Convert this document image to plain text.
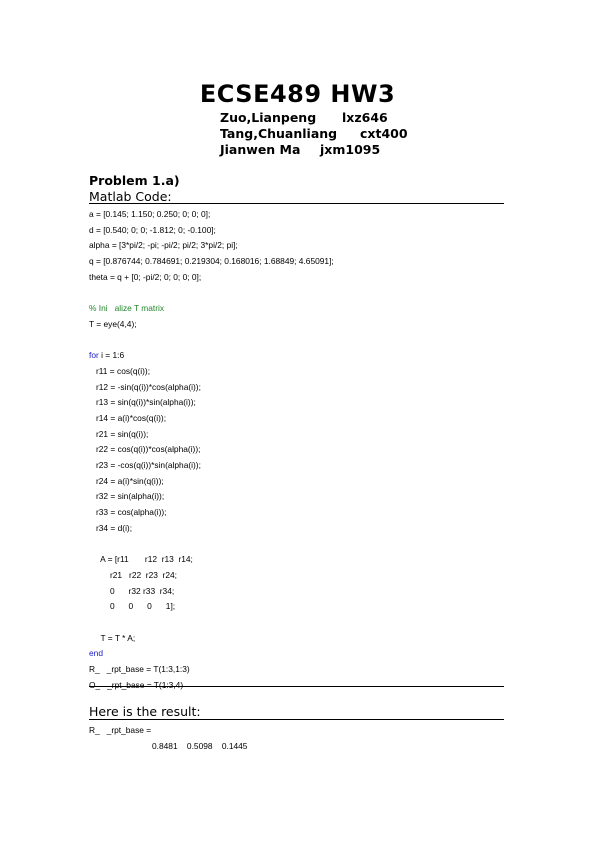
ECSE489 HW3
Zuo,Lianpeng lxz646
Tang,Chuanliang cxt400
Jianwen Ma jxm1095
Problem 1.a)
Matlab Code:
a = [0.145; 1.150; 0.250; 0; 0; 0];
d = [0.540; 0; 0; -1.812; 0; -0.100];
alpha = [3*pi/2; -pi; -pi/2; pi/2; 3*pi/2; pi];
q = [0.876744; 0.784691; 0.219304; 0.168016; 1.68849; 4.65091];
theta = q + [0; -pi/2; 0; 0; 0; 0];
% Ini   alize T matrix
T = eye(4,4);
for i = 1:6
r11 = cos(q(i));
r12 = -sin(q(i))*cos(alpha(i));
r13 = sin(q(i))*sin(alpha(i));
r14 = a(i)*cos(q(i));
r21 = sin(q(i));
r22 = cos(q(i))*cos(alpha(i));
r23 = -cos(q(i))*sin(alpha(i));
r24 = a(i)*sin(q(i));
r32 = sin(alpha(i));
r33 = cos(alpha(i));
r34 = d(i);
A = [r11       r12  r13  r14;
r21   r22  r23  r24;
0      r32 r33  r34;
0      0      0      1];
T = T * A;
end
R_   _rpt_base = T(1:3,1:3)
O_   _rpt_base = T(1:3,4)
Here is the result:
R_   _rpt_base =
0.8481    0.5098    0.1445
